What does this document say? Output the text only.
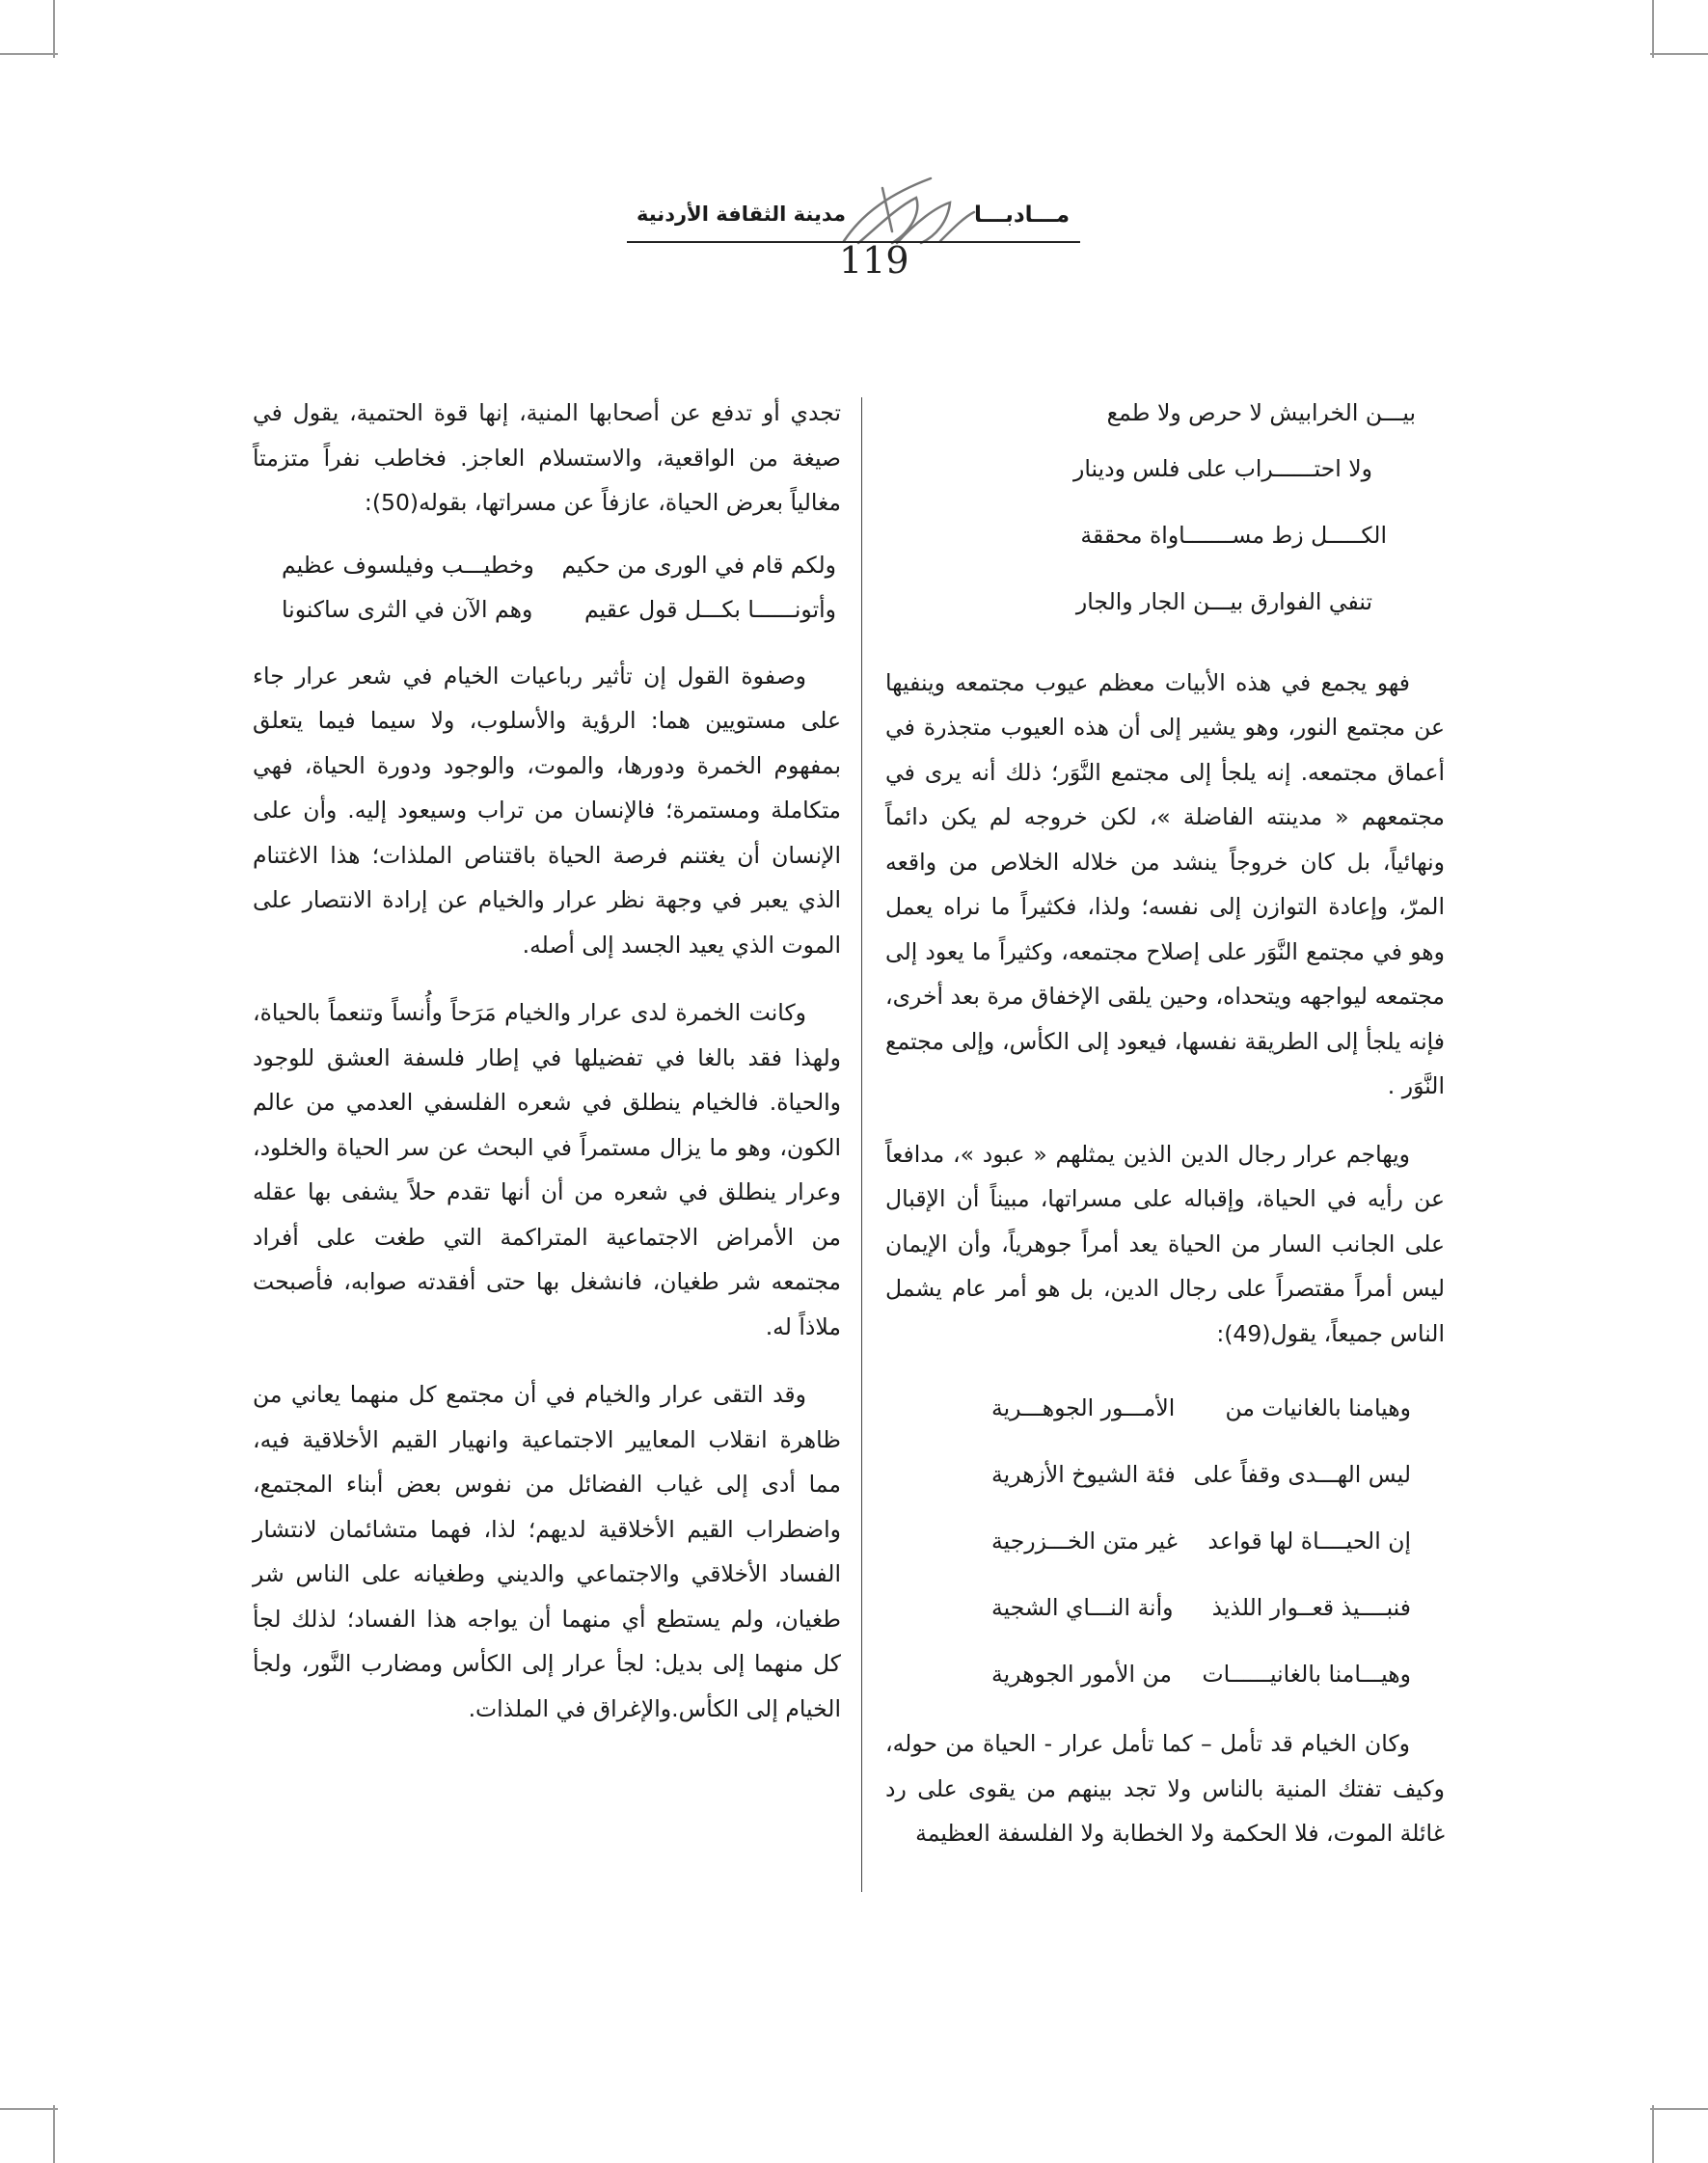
مدينة الثقافة الأردنية	مـــادبـــا
119
بيـــن الخرابيش لا حرص ولا طمع
ولا احتــــــراب على فلس ودينار
الكـــــل زط مســـــــاواة محققة
تنفي الفوارق بيـــن الجار والجار

فهو يجمع في هذه الأبيات معظم عيوب مجتمعه وينفيها عن مجتمع النور، وهو يشير إلى أن هذه العيوب متجذرة في أعماق مجتمعه. إنه يلجأ إلى مجتمع النَّوَر؛ ذلك أنه يرى في مجتمعهم « مدينته الفاضلة »، لكن خروجه لم يكن دائماً ونهائياً، بل كان خروجاً ينشد من خلاله الخلاص من واقعه المرّ، وإعادة التوازن إلى نفسه؛ ولذا، فكثيراً ما نراه يعمل وهو في مجتمع النَّوَر على إصلاح مجتمعه، وكثيراً ما يعود إلى مجتمعه ليواجهه ويتحداه، وحين يلقى الإخفاق مرة بعد أخرى، فإنه يلجأ إلى الطريقة نفسها، فيعود إلى الكأس، وإلى مجتمع النَّوَر .

ويهاجم عرار رجال الدين الذين يمثلهم « عبود »، مدافعاً عن رأيه في الحياة، وإقباله على مسراتها، مبيناً أن الإقبال على الجانب السار من الحياة يعد أمراً جوهرياً، وأن الإيمان ليس أمراً مقتصراً على رجال الدين، بل هو أمر عام يشمل الناس جميعاً، يقول(49):

وهيامنا بالغانيات من
الأمـــور الجوهـــرية
ليس الهـــدى وقفاً على
فئة الشيوخ الأزهرية
إن الحيــــاة لها قواعد
غير متن الخـــزرجية
فنبــــيذ قعــوار اللذيذ
وأنة النـــاي الشجية
وهيـــامنا بالغانيــــــات
من الأمور الجوهرية

وكان الخيام قد تأمل – كما تأمل عرار - الحياة من حوله، وكيف تفتك المنية بالناس ولا تجد بينهم من يقوى على رد غائلة الموت، فلا الحكمة ولا الخطابة ولا الفلسفة العظيمة

تجدي أو تدفع عن أصحابها المنية، إنها قوة الحتمية، يقول في صيغة من الواقعية، والاستسلام العاجز. فخاطب نفراً متزمتاً مغالياً بعرض الحياة، عازفاً عن مسراتها، بقوله(50):

ولكم قام في الورى من حكيم
وخطيـــب وفيلسوف عظيم
وأتونــــــا بكـــل قول عقيم
وهم الآن في الثرى ساكنونا

وصفوة القول إن تأثير رباعيات الخيام في شعر عرار جاء على مستويين هما: الرؤية والأسلوب، ولا سيما فيما يتعلق بمفهوم الخمرة ودورها، والموت، والوجود ودورة الحياة، فهي متكاملة ومستمرة؛ فالإنسان من تراب وسيعود إليه. وأن على الإنسان أن يغتنم فرصة الحياة باقتناص الملذات؛ هذا الاغتنام الذي يعبر في وجهة نظر عرار والخيام عن إرادة الانتصار على الموت الذي يعيد الجسد إلى أصله.

وكانت الخمرة لدى عرار والخيام مَرَحاً وأُنساً وتنعماً بالحياة، ولهذا فقد بالغا في تفضيلها في إطار فلسفة العشق للوجود والحياة. فالخيام ينطلق في شعره الفلسفي العدمي من عالم الكون، وهو ما يزال مستمراً في البحث عن سر الحياة والخلود، وعرار ينطلق في شعره من أن أنها تقدم حلاً يشفى بها عقله من الأمراض الاجتماعية المتراكمة التي طغت على أفراد مجتمعه شر طغيان، فانشغل بها حتى أفقدته صوابه، فأصبحت ملاذاً له.

وقد التقى عرار والخيام في أن مجتمع كل منهما يعاني من ظاهرة انقلاب المعايير الاجتماعية وانهيار القيم الأخلاقية فيه، مما أدى إلى غياب الفضائل من نفوس بعض أبناء المجتمع، واضطراب القيم الأخلاقية لديهم؛ لذا، فهما متشائمان لانتشار الفساد الأخلاقي والاجتماعي والديني وطغيانه على الناس شر طغيان، ولم يستطع أي منهما أن يواجه هذا الفساد؛ لذلك لجأ كل منهما إلى بديل: لجأ عرار إلى الكأس ومضارب النَّور، ولجأ الخيام إلى الكأس.والإغراق في الملذات.
